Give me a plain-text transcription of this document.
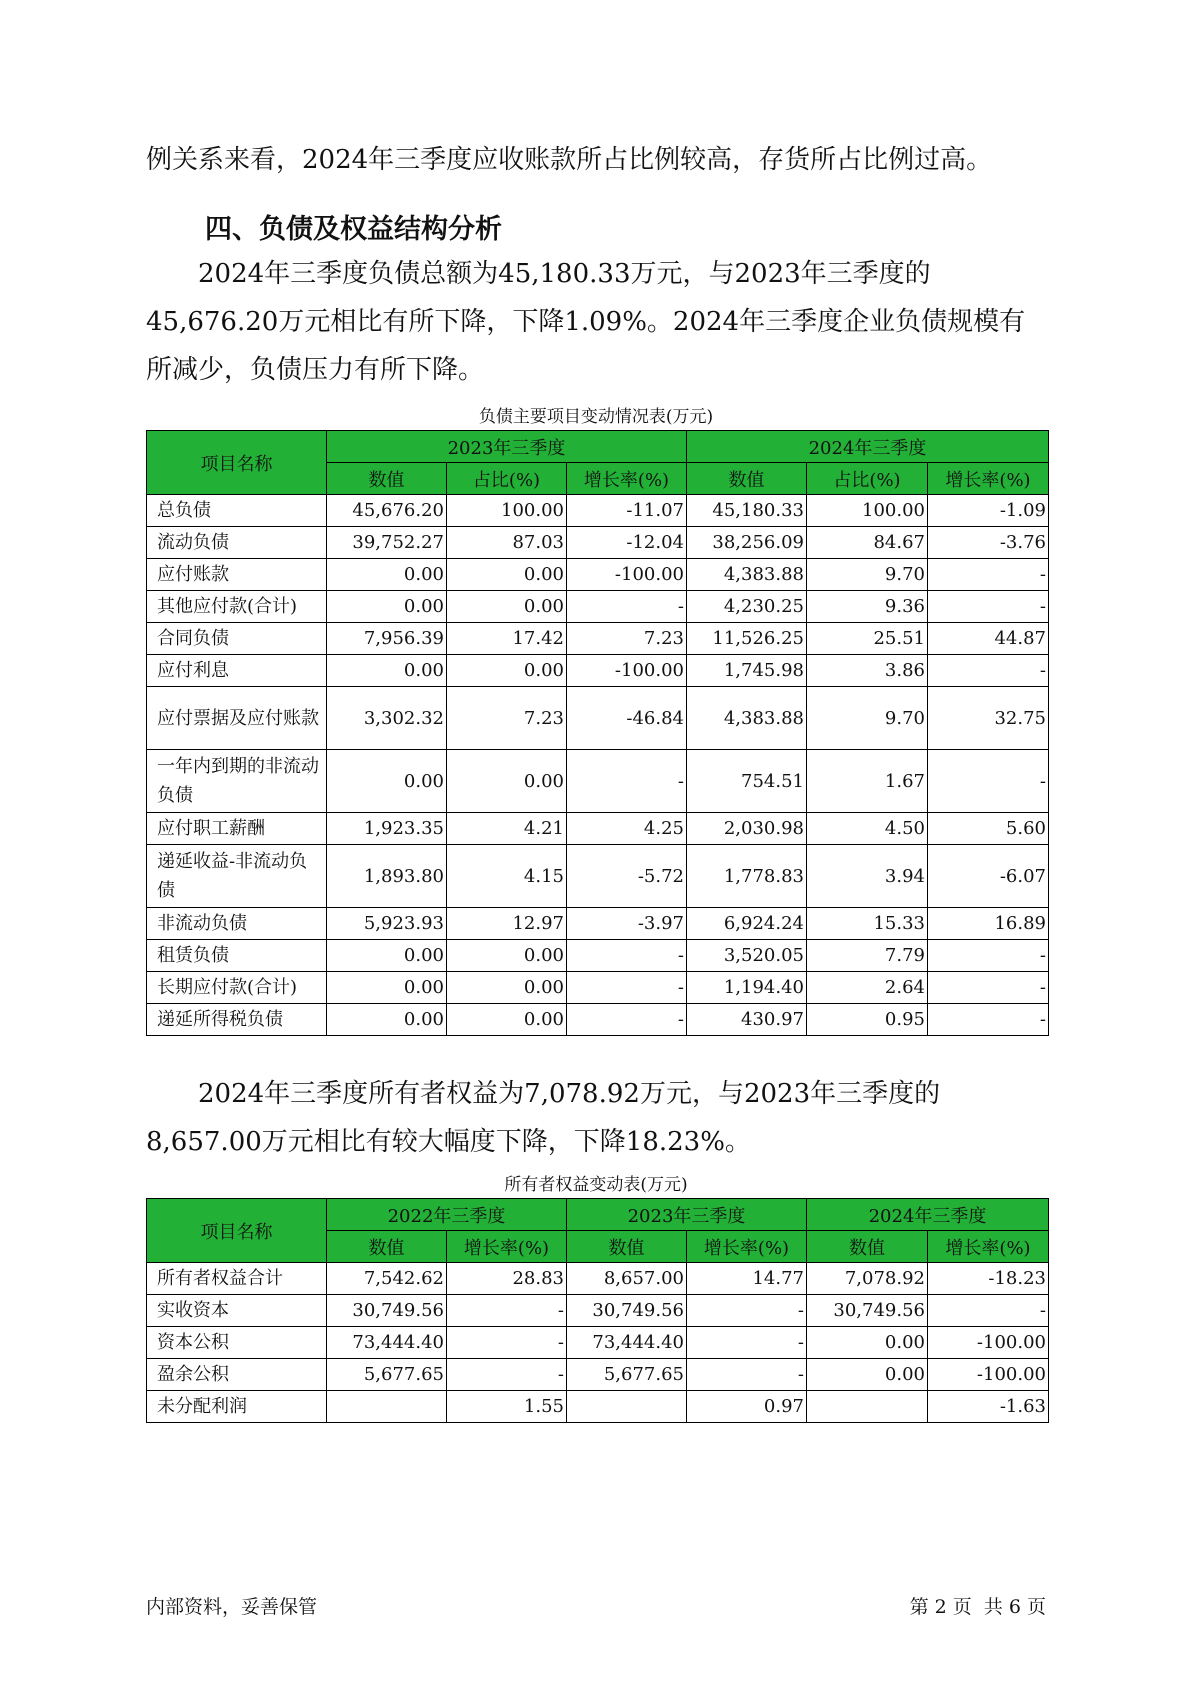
例关系来看，2024年三季度应收账款所占比例较高，存货所占比例过高。

四、负债及权益结构分析

2024年三季度负债总额为45,180.33万元，与2023年三季度的45,676.20万元相比有所下降，下降1.09%。2024年三季度企业负债规模有所减少，负债压力有所下降。

负债主要项目变动情况表(万元)
项目名称	2023年三季度			2024年三季度		
	数值	占比(%)	增长率(%)	数值	占比(%)	增长率(%)
总负债	45,676.20	100.00	-11.07	45,180.33	100.00	-1.09
流动负债	39,752.27	87.03	-12.04	38,256.09	84.67	-3.76
应付账款	0.00	0.00	-100.00	4,383.88	9.70	-
其他应付款(合计)	0.00	0.00	-	4,230.25	9.36	-
合同负债	7,956.39	17.42	7.23	11,526.25	25.51	44.87
应付利息	0.00	0.00	-100.00	1,745.98	3.86	-
应付票据及应付账款	3,302.32	7.23	-46.84	4,383.88	9.70	32.75
一年内到期的非流动负债	0.00	0.00	-	754.51	1.67	-
应付职工薪酬	1,923.35	4.21	4.25	2,030.98	4.50	5.60
递延收益-非流动负债	1,893.80	4.15	-5.72	1,778.83	3.94	-6.07
非流动负债	5,923.93	12.97	-3.97	6,924.24	15.33	16.89
租赁负债	0.00	0.00	-	3,520.05	7.79	-
长期应付款(合计)	0.00	0.00	-	1,194.40	2.64	-
递延所得税负债	0.00	0.00	-	430.97	0.95	-

2024年三季度所有者权益为7,078.92万元，与2023年三季度的8,657.00万元相比有较大幅度下降，下降18.23%。

所有者权益变动表(万元)
项目名称	2022年三季度		2023年三季度		2024年三季度	
	数值	增长率(%)	数值	增长率(%)	数值	增长率(%)
所有者权益合计	7,542.62	28.83	8,657.00	14.77	7,078.92	-18.23
实收资本	30,749.56	-	30,749.56	-	30,749.56	-
资本公积	73,444.40	-	73,444.40	-	0.00	-100.00
盈余公积	5,677.65	-	5,677.65	-	0.00	-100.00
未分配利润		1.55		0.97		-1.63
内部资料，妥善保管	第 2 页  共 6 页
